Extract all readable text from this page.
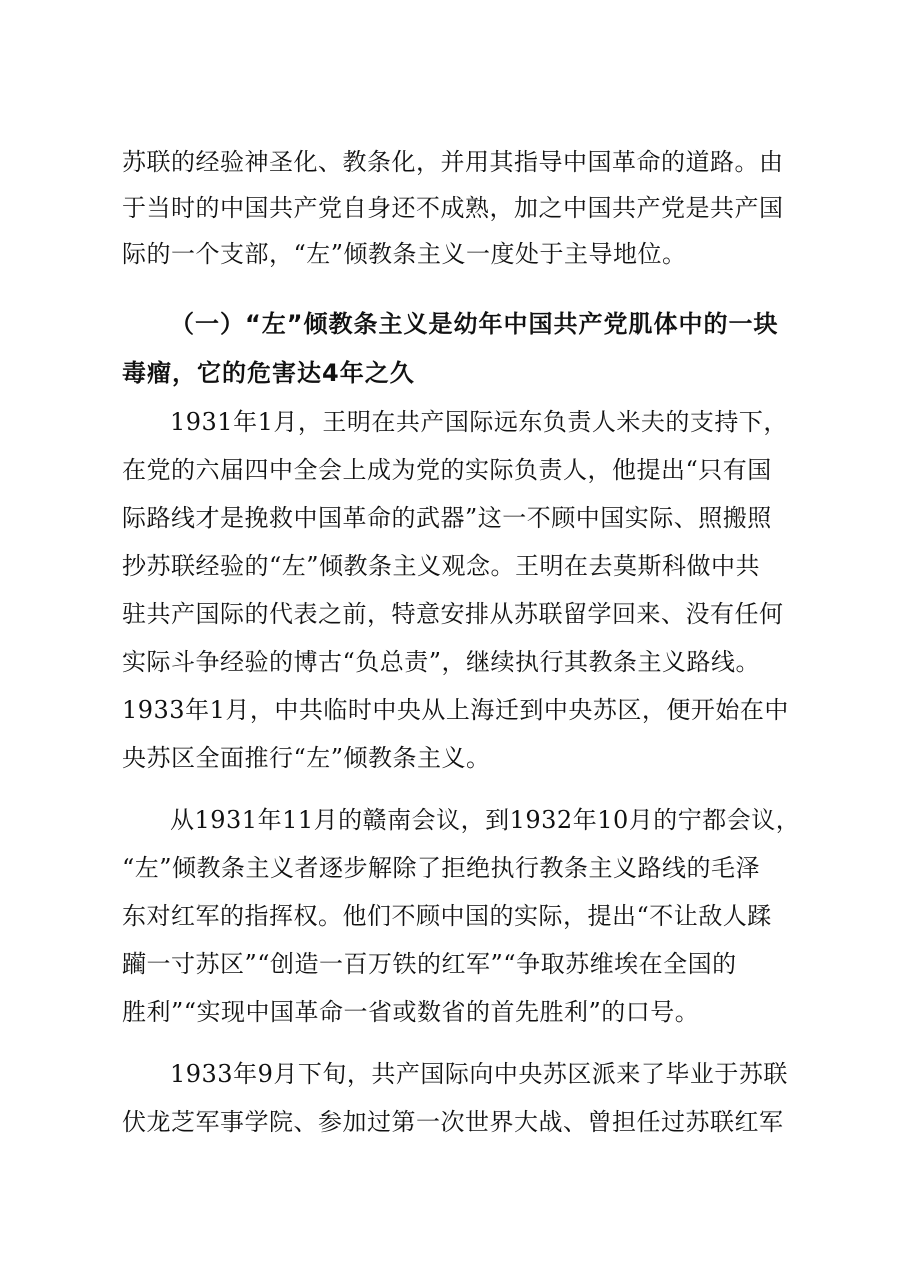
苏联的经验神圣化、教条化，并用其指导中国革命的道路。由
于当时的中国共产党自身还不成熟，加之中国共产党是共产国
际的一个支部，“左”倾教条主义一度处于主导地位。
（一）“左”倾教条主义是幼年中国共产党肌体中的一块
毒瘤，它的危害达4年之久
1931年1月，王明在共产国际远东负责人米夫的支持下，
在党的六届四中全会上成为党的实际负责人，他提出“只有国
际路线才是挽救中国革命的武器”这一不顾中国实际、照搬照
抄苏联经验的“左”倾教条主义观念。王明在去莫斯科做中共
驻共产国际的代表之前，特意安排从苏联留学回来、没有任何
实际斗争经验的博古“负总责”，继续执行其教条主义路线。
1933年1月，中共临时中央从上海迁到中央苏区，便开始在中
央苏区全面推行“左”倾教条主义。
从1931年11月的赣南会议，到1932年10月的宁都会议，
“左”倾教条主义者逐步解除了拒绝执行教条主义路线的毛泽
东对红军的指挥权。他们不顾中国的实际，提出“不让敌人蹂
躏一寸苏区”“创造一百万铁的红军”“争取苏维埃在全国的
胜利”“实现中国革命一省或数省的首先胜利”的口号。
1933年9月下旬，共产国际向中央苏区派来了毕业于苏联
伏龙芝军事学院、参加过第一次世界大战、曾担任过苏联红军
